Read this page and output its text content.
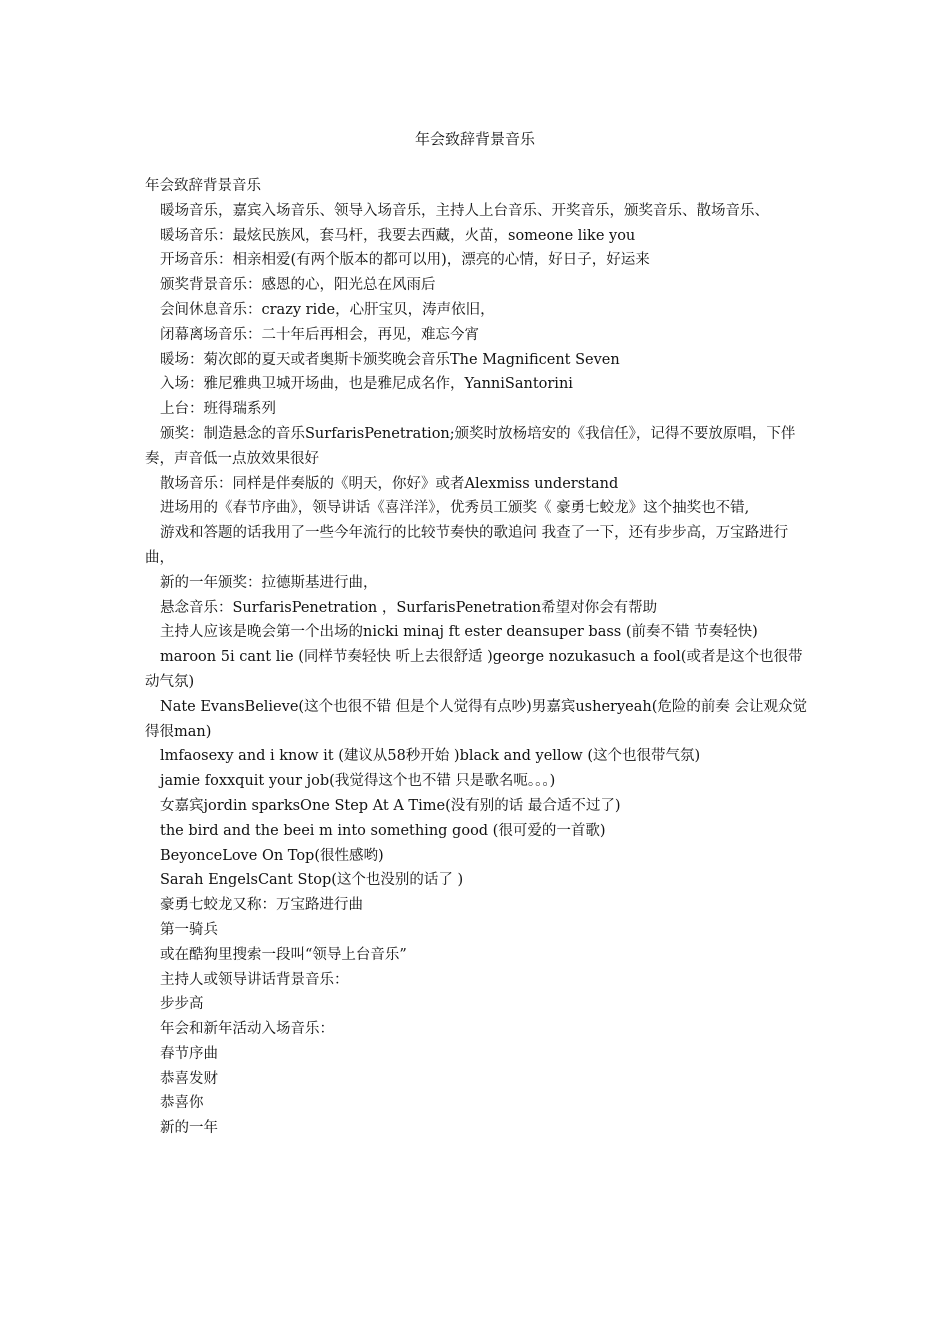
年会致辞背景音乐

年会致辞背景音乐

暖场音乐，嘉宾入场音乐、领导入场音乐，主持人上台音乐、开奖音乐，颁奖音乐、散场音乐、

暖场音乐：最炫民族风，套马杆，我要去西藏，火苗，someone like you

开场音乐：相亲相爱(有两个版本的都可以用)，漂亮的心情，好日子，好运来

颁奖背景音乐：感恩的心，阳光总在风雨后

会间休息音乐：crazy ride，心肝宝贝，涛声依旧，

闭幕离场音乐：二十年后再相会，再见，难忘今宵

暖场：菊次郎的夏天或者奥斯卡颁奖晚会音乐The Magnificent Seven

入场：雅尼雅典卫城开场曲，也是雅尼成名作，YanniSantorini

上台：班得瑞系列

颁奖：制造悬念的音乐SurfarisPenetration;颁奖时放杨培安的《我信任》，记得不要放原唱，下伴奏，声音低一点放效果很好

散场音乐：同样是伴奏版的《明天，你好》或者Alexmiss understand

进场用的《春节序曲》，领导讲话《喜洋洋》，优秀员工颁奖《 豪勇七蛟龙》这个抽奖也不错,

游戏和答题的话我用了一些今年流行的比较节奏快的歌追问 我查了一下，还有步步高，万宝路进行曲，

新的一年颁奖：拉德斯基进行曲，

悬念音乐：SurfarisPenetration ，SurfarisPenetration希望对你会有帮助

主持人应该是晚会第一个出场的nicki minaj ft ester deansuper bass (前奏不错 节奏轻快)

maroon 5i cant lie (同样节奏轻快 听上去很舒适 )george nozukasuch a fool(或者是这个也很带动气氛)

Nate EvansBelieve(这个也很不错 但是个人觉得有点吵)男嘉宾usheryeah(危险的前奏 会让观众觉得很man)

lmfaosexy and i know it (建议从58秒开始 )black and yellow (这个也很带气氛)

jamie foxxquit your job(我觉得这个也不错 只是歌名呃。。。)

女嘉宾jordin sparksOne Step At A Time(没有别的话 最合适不过了)

the bird and the beei m into something good (很可爱的一首歌)

BeyonceLove On Top(很性感哟)

Sarah EngelsCant Stop(这个也没别的话了 )

豪勇七蛟龙又称：万宝路进行曲

第一骑兵

或在酷狗里搜索一段叫“领导上台音乐”

主持人或领导讲话背景音乐：

步步高

年会和新年活动入场音乐：

春节序曲

恭喜发财

恭喜你

新的一年
